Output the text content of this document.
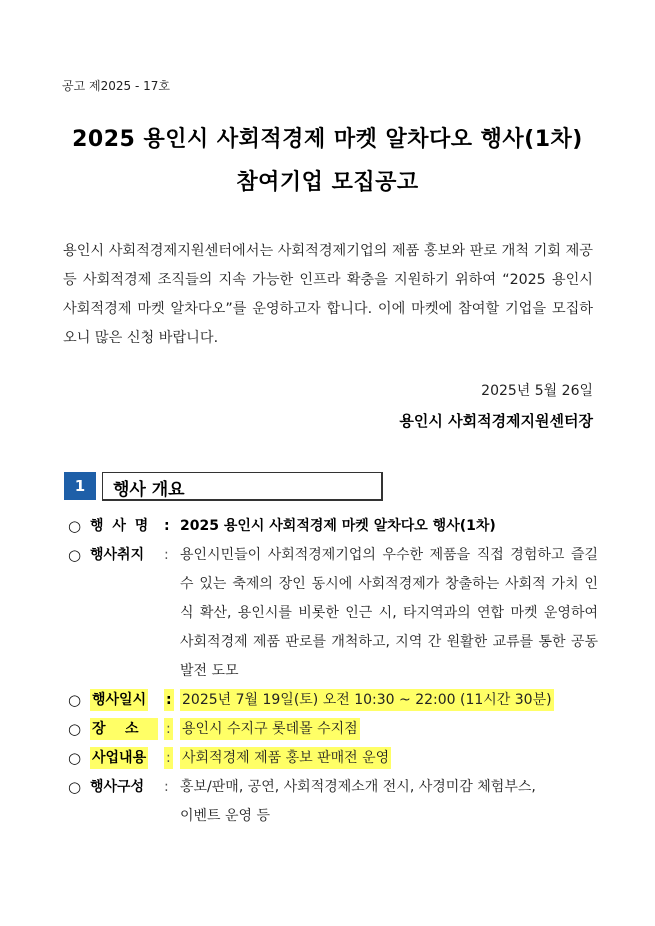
공고 제2025 - 17호
2025 용인시 사회적경제 마켓 알차다오 행사(1차)
참여기업 모집공고

용인시 사회적경제지원센터에서는 사회적경제기업의 제품 홍보와 판로 개척 기회 제공 등 사회적경제 조직들의 지속 가능한 인프라 확충을 지원하기 위하여 “2025 용인시 사회적경제 마켓 알차다오”를 운영하고자 합니다. 이에 마켓에 참여할 기업을 모집하오니 많은 신청 바랍니다.

2025년 5월 26일
용인시 사회적경제지원센터장
1	행사 개요
○ 행 사 명 : 2025 용인시 사회적경제 마켓 알차다오 행사(1차)
○ 행사취지	: 용인시민들이 사회적경제기업의 우수한 제품을 직접 경험하고 즐길 수 있는 축제의 장인 동시에 사회적경제가 창출하는 사회적 가치 인식 확산, 용인시를 비롯한 인근 시, 타지역과의 연합 마켓 운영하여 사회적경제 제품 판로를 개척하고, 지역 간 원활한 교류를 통한 공동 발전 도모
○ 행사일시	: 2025년 7월 19일(토) 오전 10:30 ~ 22:00 (11시간 30분)
○ 장    소	: 용인시 수지구 롯데몰 수지점
○ 사업내용	: 사회적경제 제품 홍보 판매전 운영
○ 행사구성	: 홍보/판매, 공연, 사회적경제소개 전시, 사경미감 체험부스,
이벤트 운영 등
